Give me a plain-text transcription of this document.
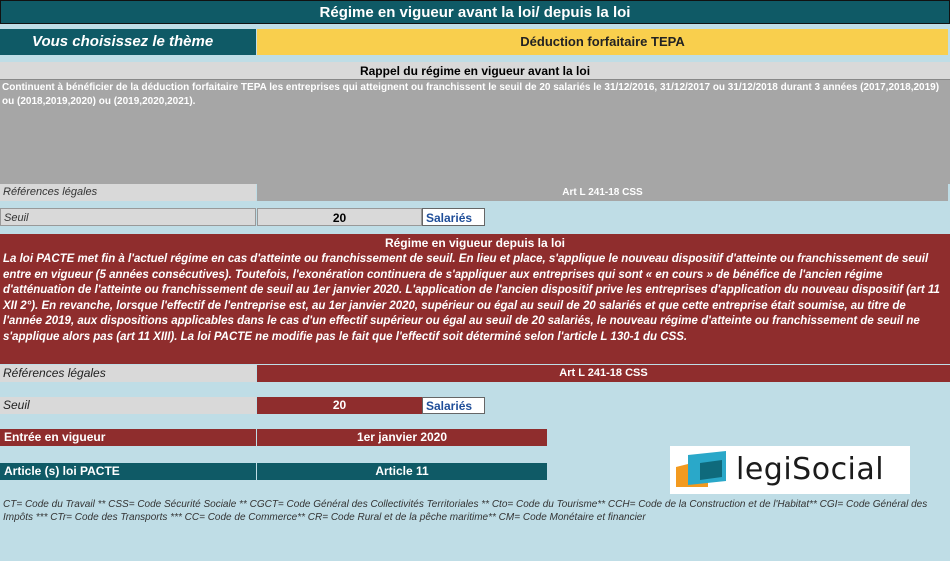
Régime en vigueur avant la loi/ depuis la loi
Vous choisissez le thème	Déduction forfaitaire TEPA
Rappel du régime en vigueur avant la loi
Continuent à bénéficier de la déduction forfaitaire TEPA les entreprises qui atteignent ou franchissent le seuil de 20 salariés le 31/12/2016, 31/12/2017 ou 31/12/2018 durant 3 années (2017,2018,2019) ou (2018,2019,2020) ou (2019,2020,2021).
Références légales	Art L 241-18 CSS
Seuil	20	Salariés
Régime en vigueur depuis la loi
La loi PACTE met fin à l'actuel régime en cas d'atteinte ou franchissement de seuil. En lieu et place, s'applique le nouveau dispositif d'atteinte ou franchissement de seuil entre en vigueur (5 années consécutives). Toutefois, l'exonération continuera de s'appliquer aux entreprises qui sont « en cours » de bénéfice de l'ancien régime d'atténuation de l'atteinte ou franchissement de seuil au 1er janvier 2020. L'application de l'ancien dispositif prive les entreprises d'application du nouveau dispositif (art 11 XII 2°). En revanche, lorsque l'effectif de l'entreprise est, au 1er janvier 2020, supérieur ou égal au seuil de 20 salariés et que cette entreprise était soumise, au titre de l'année 2019, aux dispositions applicables dans le cas d'un effectif supérieur ou égal au seuil de 20 salariés, le nouveau régime d'atteinte ou franchissement de seuil ne s'applique alors pas (art 11 XIII). La loi PACTE ne modifie pas le fait que l'effectif soit déterminé selon l'article L 130-1 du CSS.
Références légales	Art L 241-18 CSS
Seuil	20	Salariés
Entrée en vigueur	1er janvier 2020
Article (s) loi PACTE	Article 11	legiSocial
CT= Code du Travail ** CSS= Code Sécurité Sociale ** CGCT= Code Général des Collectivités Territoriales ** Cto= Code du Tourisme** CCH= Code de la Construction et de l'Habitat** CGI= Code Général des Impôts *** CTr= Code des Transports *** CC= Code de Commerce** CR= Code Rural et de la pêche maritime** CM= Code Monétaire et financier
